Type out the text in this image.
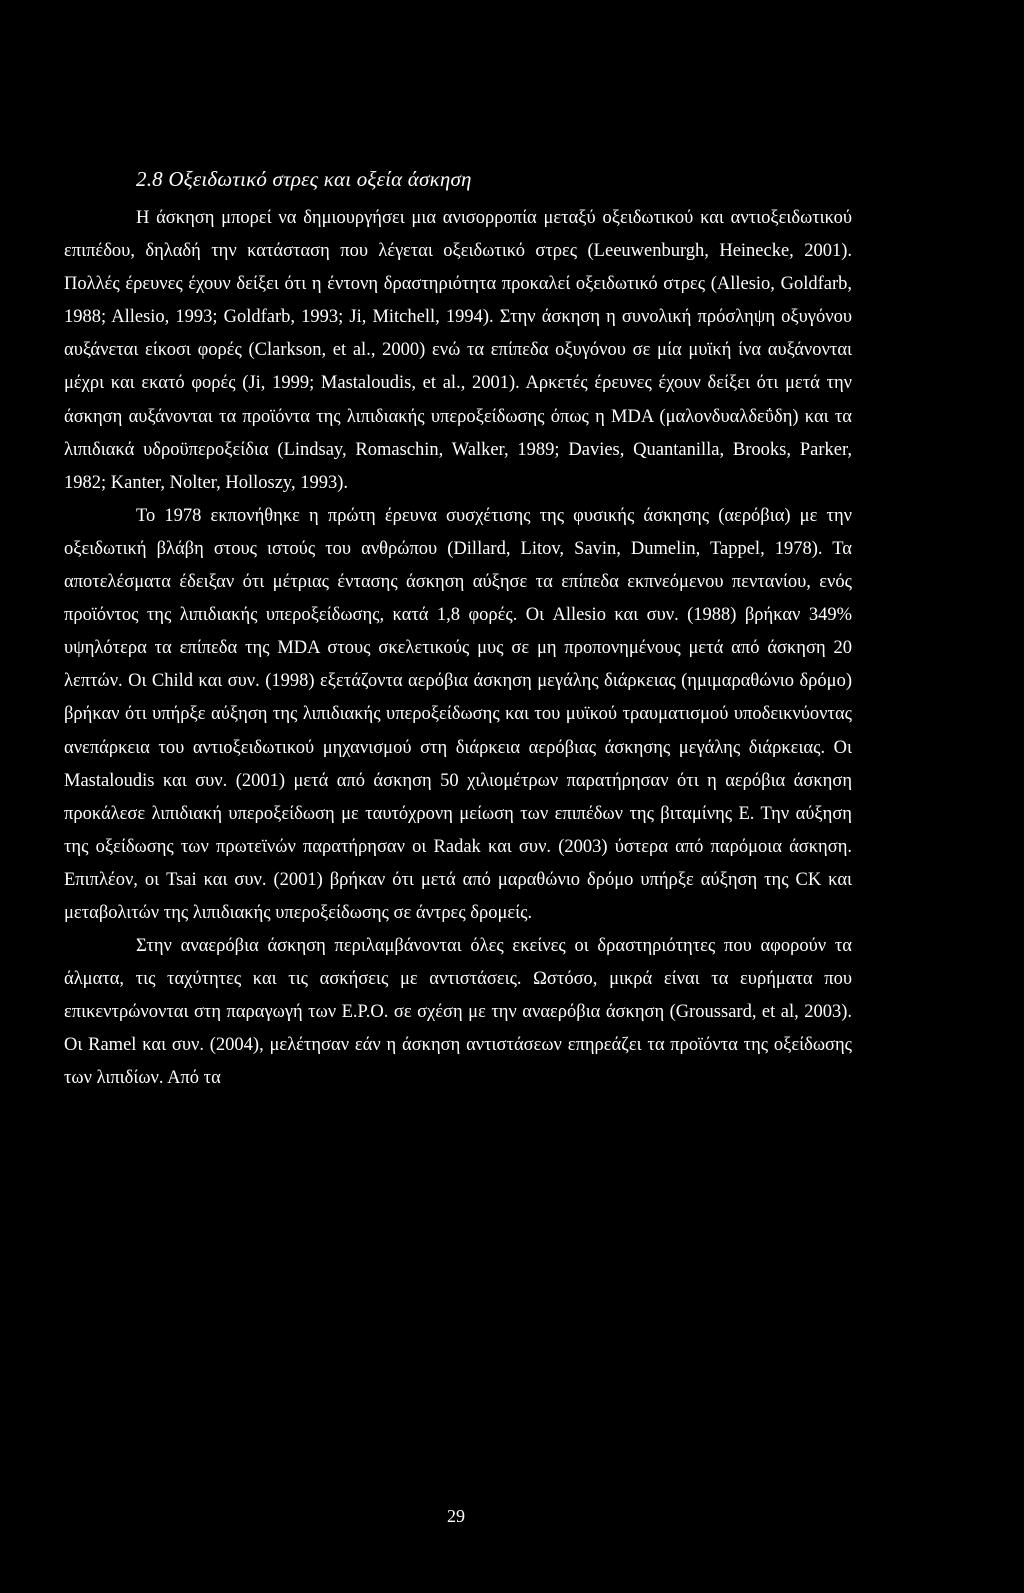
2.8 Οξειδωτικό στρες και οξεία άσκηση

Η άσκηση μπορεί να δημιουργήσει μια ανισορροπία μεταξύ οξειδωτικού και αντιοξειδωτικού επιπέδου, δηλαδή την κατάσταση που λέγεται οξειδωτικό στρες (Leeuwenburgh, Heinecke, 2001). Πολλές έρευνες έχουν δείξει ότι η έντονη δραστηριότητα προκαλεί οξειδωτικό στρες (Allesio, Goldfarb, 1988; Allesio, 1993; Goldfarb, 1993; Ji, Mitchell, 1994). Στην άσκηση η συνολική πρόσληψη οξυγόνου αυξάνεται είκοσι φορές (Clarkson, et al., 2000) ενώ τα επίπεδα οξυγόνου σε μία μυϊκή ίνα αυξάνονται μέχρι και εκατό φορές (Ji, 1999; Mastaloudis, et al., 2001). Αρκετές έρευνες έχουν δείξει ότι μετά την άσκηση αυξάνονται τα προϊόντα της λιπιδιακής υπεροξείδωσης όπως η MDA (μαλονδυαλδεΰδη) και τα λιπιδιακά υδροϋπεροξείδια (Lindsay, Romaschin, Walker, 1989; Davies, Quantanilla, Brooks, Parker, 1982; Kanter, Nolter, Holloszy, 1993).

Το 1978 εκπονήθηκε η πρώτη έρευνα συσχέτισης της φυσικής άσκησης (αερόβια) με την οξειδωτική βλάβη στους ιστούς του ανθρώπου (Dillard, Litov, Savin, Dumelin, Tappel, 1978). Τα αποτελέσματα έδειξαν ότι μέτριας έντασης άσκηση αύξησε τα επίπεδα εκπνεόμενου πεντανίου, ενός προϊόντος της λιπιδιακής υπεροξείδωσης, κατά 1,8 φορές. Οι Allesio και συν. (1988) βρήκαν 349% υψηλότερα τα επίπεδα της MDA στους σκελετικούς μυς σε μη προπονημένους μετά από άσκηση 20 λεπτών. Οι Child και συν. (1998) εξετάζοντα αερόβια άσκηση μεγάλης διάρκειας (ημιμαραθώνιο δρόμο) βρήκαν ότι υπήρξε αύξηση της λιπιδιακής υπεροξείδωσης και του μυϊκού τραυματισμού υποδεικνύοντας ανεπάρκεια του αντιοξειδωτικού μηχανισμού στη διάρκεια αερόβιας άσκησης μεγάλης διάρκειας. Οι Mastaloudis και συν. (2001) μετά από άσκηση 50 χιλιομέτρων παρατήρησαν ότι η αερόβια άσκηση προκάλεσε λιπιδιακή υπεροξείδωση με ταυτόχρονη μείωση των επιπέδων της βιταμίνης Ε. Την αύξηση της οξείδωσης των πρωτεϊνών παρατήρησαν οι Radak και συν. (2003) ύστερα από παρόμοια άσκηση. Επιπλέον, οι Tsai και συν. (2001) βρήκαν ότι μετά από μαραθώνιο δρόμο υπήρξε αύξηση της CK και μεταβολιτών της λιπιδιακής υπεροξείδωσης σε άντρες δρομείς.

Στην αναερόβια άσκηση περιλαμβάνονται όλες εκείνες οι δραστηριότητες που αφορούν τα άλματα, τις ταχύτητες και τις ασκήσεις με αντιστάσεις. Ωστόσο, μικρά είναι τα ευρήματα που επικεντρώνονται στη παραγωγή των Ε.Ρ.Ο. σε σχέση με την αναερόβια άσκηση (Groussard, et al, 2003). Οι Ramel και συν. (2004), μελέτησαν εάν η άσκηση αντιστάσεων επηρεάζει τα προϊόντα της οξείδωσης των λιπιδίων. Από τα

29
